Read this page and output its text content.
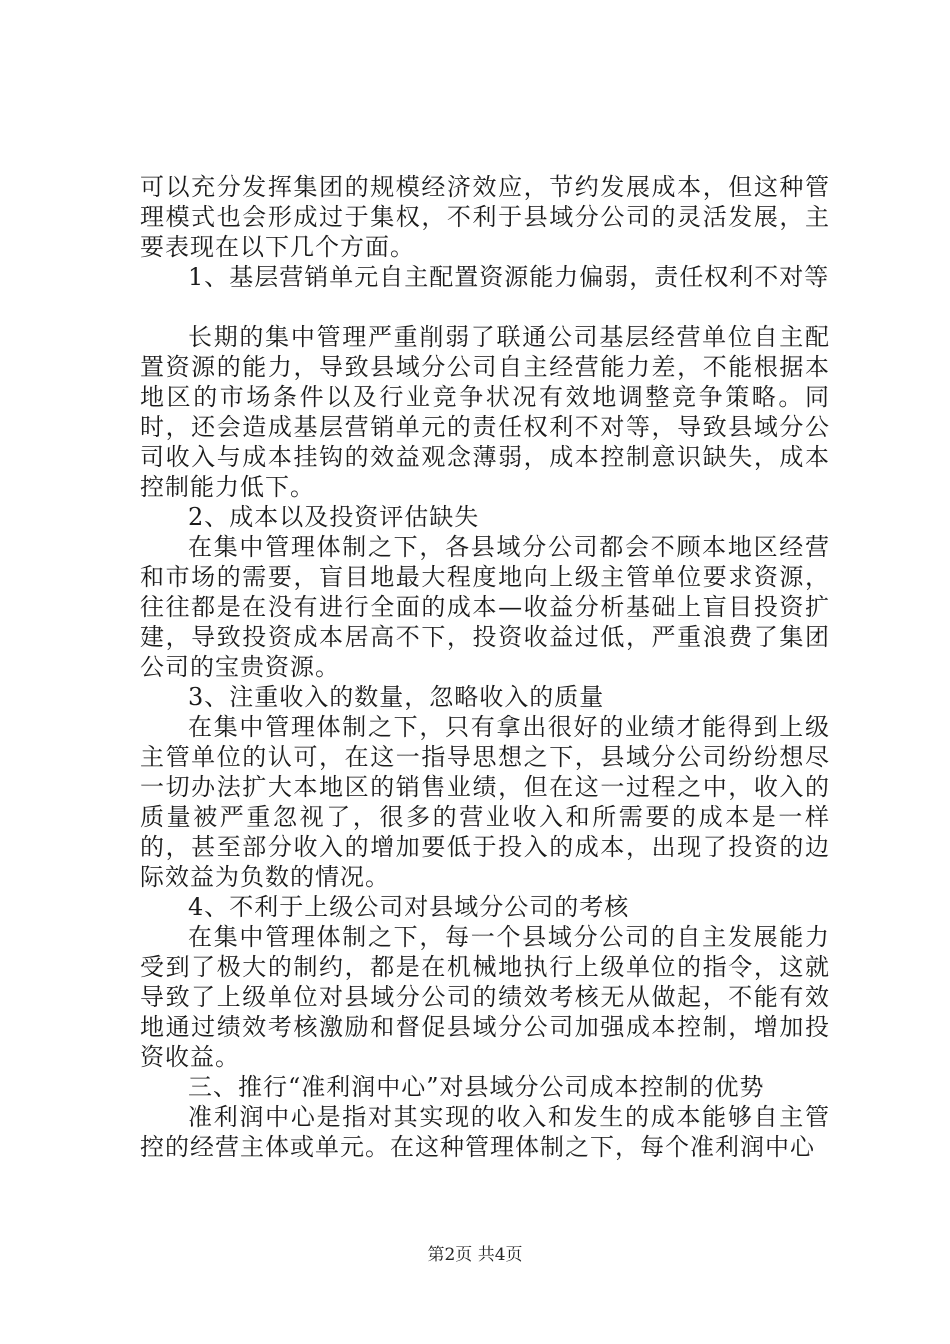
可以充分发挥集团的规模经济效应，节约发展成本，但这种管理模式也会形成过于集权，不利于县域分公司的灵活发展，主要表现在以下几个方面。

1、基层营销单元自主配置资源能力偏弱，责任权利不对等

长期的集中管理严重削弱了联通公司基层经营单位自主配置资源的能力，导致县域分公司自主经营能力差，不能根据本地区的市场条件以及行业竞争状况有效地调整竞争策略。同时，还会造成基层营销单元的责任权利不对等，导致县域分公司收入与成本挂钩的效益观念薄弱，成本控制意识缺失，成本控制能力低下。

2、成本以及投资评估缺失

在集中管理体制之下，各县域分公司都会不顾本地区经营和市场的需要，盲目地最大程度地向上级主管单位要求资源，往往都是在没有进行全面的成本—收益分析基础上盲目投资扩建，导致投资成本居高不下，投资收益过低，严重浪费了集团公司的宝贵资源。

3、注重收入的数量，忽略收入的质量

在集中管理体制之下，只有拿出很好的业绩才能得到上级主管单位的认可，在这一指导思想之下，县域分公司纷纷想尽一切办法扩大本地区的销售业绩，但在这一过程之中，收入的质量被严重忽视了，很多的营业收入和所需要的成本是一样的，甚至部分收入的增加要低于投入的成本，出现了投资的边际效益为负数的情况。

4、不利于上级公司对县域分公司的考核

在集中管理体制之下，每一个县域分公司的自主发展能力受到了极大的制约，都是在机械地执行上级单位的指令，这就导致了上级单位对县域分公司的绩效考核无从做起，不能有效地通过绩效考核激励和督促县域分公司加强成本控制，增加投资收益。

三、推行“准利润中心”对县域分公司成本控制的优势

准利润中心是指对其实现的收入和发生的成本能够自主管控的经营主体或单元。在这种管理体制之下，每个准利润中心

第2页 共4页
